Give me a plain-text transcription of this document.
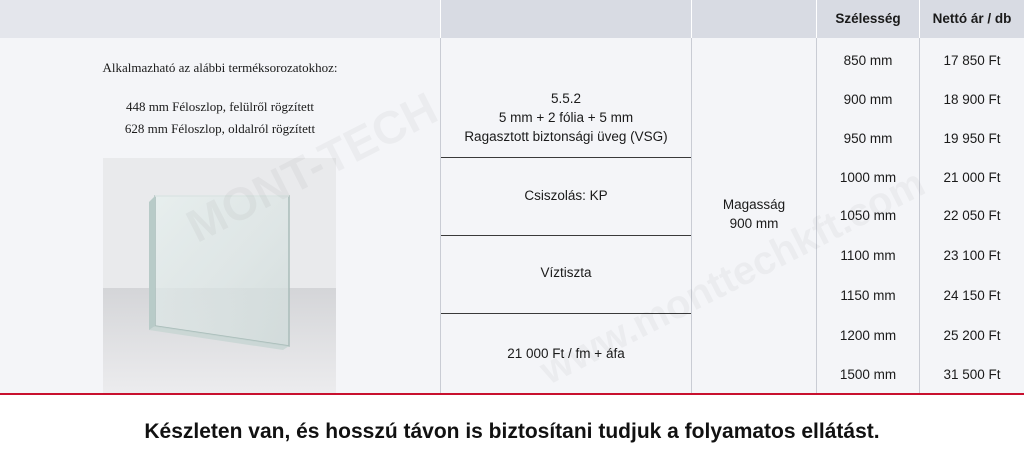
Szélesség	Nettó ár / db
Alkalmazható az alábbi terméksorozatokhoz:
448 mm Féloszlop, felülről rögzített
628 mm Féloszlop, oldalról rögzített
5.5.2
5 mm + 2 fólia + 5 mm
Ragasztott biztonsági üveg (VSG)
Csiszolás: KP
Víztiszta
21 000 Ft / fm + áfa
Magasság
900 mm
850 mm	17 850 Ft
900 mm	18 900 Ft
950 mm	19 950 Ft
1000 mm	21 000 Ft
1050 mm	22 050 Ft
1100 mm	23 100 Ft
1150 mm	24 150 Ft
1200 mm	25 200 Ft
1500 mm	31 500 Ft
Készleten van, és hosszú távon is biztosítani tudjuk a folyamatos ellátást.
